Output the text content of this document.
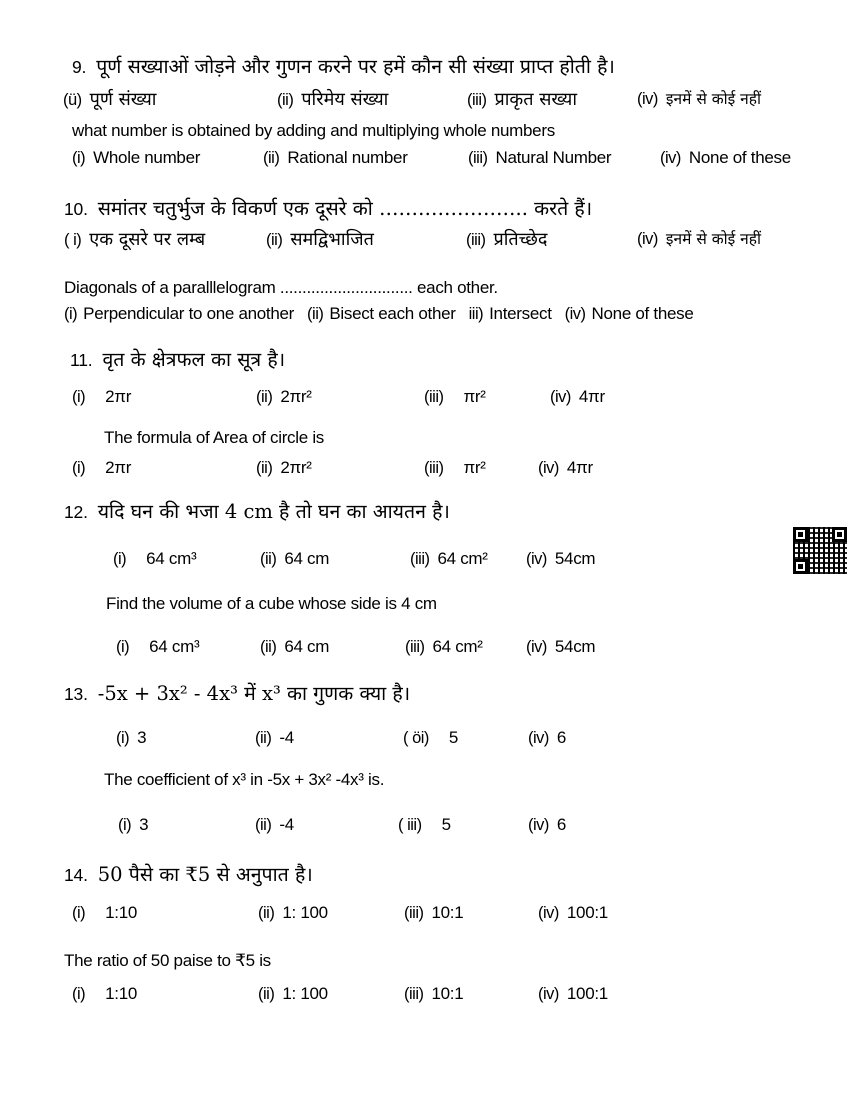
9. पूर्ण सख्याओं जोड़ने और गुणन करने पर हमें कौन सी संख्या प्राप्त होती है।
(ü) पूर्ण संख्या	(ii) परिमेय संख्या	(iii) प्राकृत सख्या	(iv) इनमें से कोई नहीं
what number is obtained by adding and multiplying whole numbers
(i) Whole number	(ii) Rational number	(iii) Natural Number	(iv) None of these
10. समांतर चतुर्भुज के विकर्ण एक दूसरे को ………………….. करते हैं।
( i) एक दूसरे पर लम्ब	(ii) समद्विभाजित	(iii) प्रतिच्छेद	(iv) इनमें से कोई नहीं
Diagonals of a paralllelogram .............................. each other.
(i) Perpendicular to one another (ii) Bisect each other iii) Intersect (iv) None of these
11. वृत के क्षेत्रफल का सूत्र है।
(i) 2πr	(ii) 2πr²	(iii) πr²	(iv) 4πr
The formula of Area of circle is
(i) 2πr	(ii) 2πr²	(iii) πr²	(iv) 4πr
12. यदि घन की भजा 4 cm है तो घन का आयतन है।
(i) 64 cm³	(ii) 64 cm	(iii) 64 cm² (iv) 54cm
Find the volume of a cube whose side is 4 cm
(i) 64 cm³	(ii) 64 cm	(iii) 64 cm²	(iv) 54cm
13. -5x + 3x² - 4x³ में x³ का गुणक क्या है।
(i) 3	(ii) -4	( öi) 5	(iv) 6
The coefficient of x³ in -5x + 3x² -4x³ is.
(i) 3	(ii) -4	( iii) 5	(iv) 6
14. 50 पैसे का ₹5 से अनुपात है।
(i) 1:10	(ii) 1: 100	(iii) 10:1	(iv) 100:1
The ratio of 50 paise to ₹5 is
(i) 1:10	(ii) 1: 100	(iii) 10:1	(iv) 100:1
